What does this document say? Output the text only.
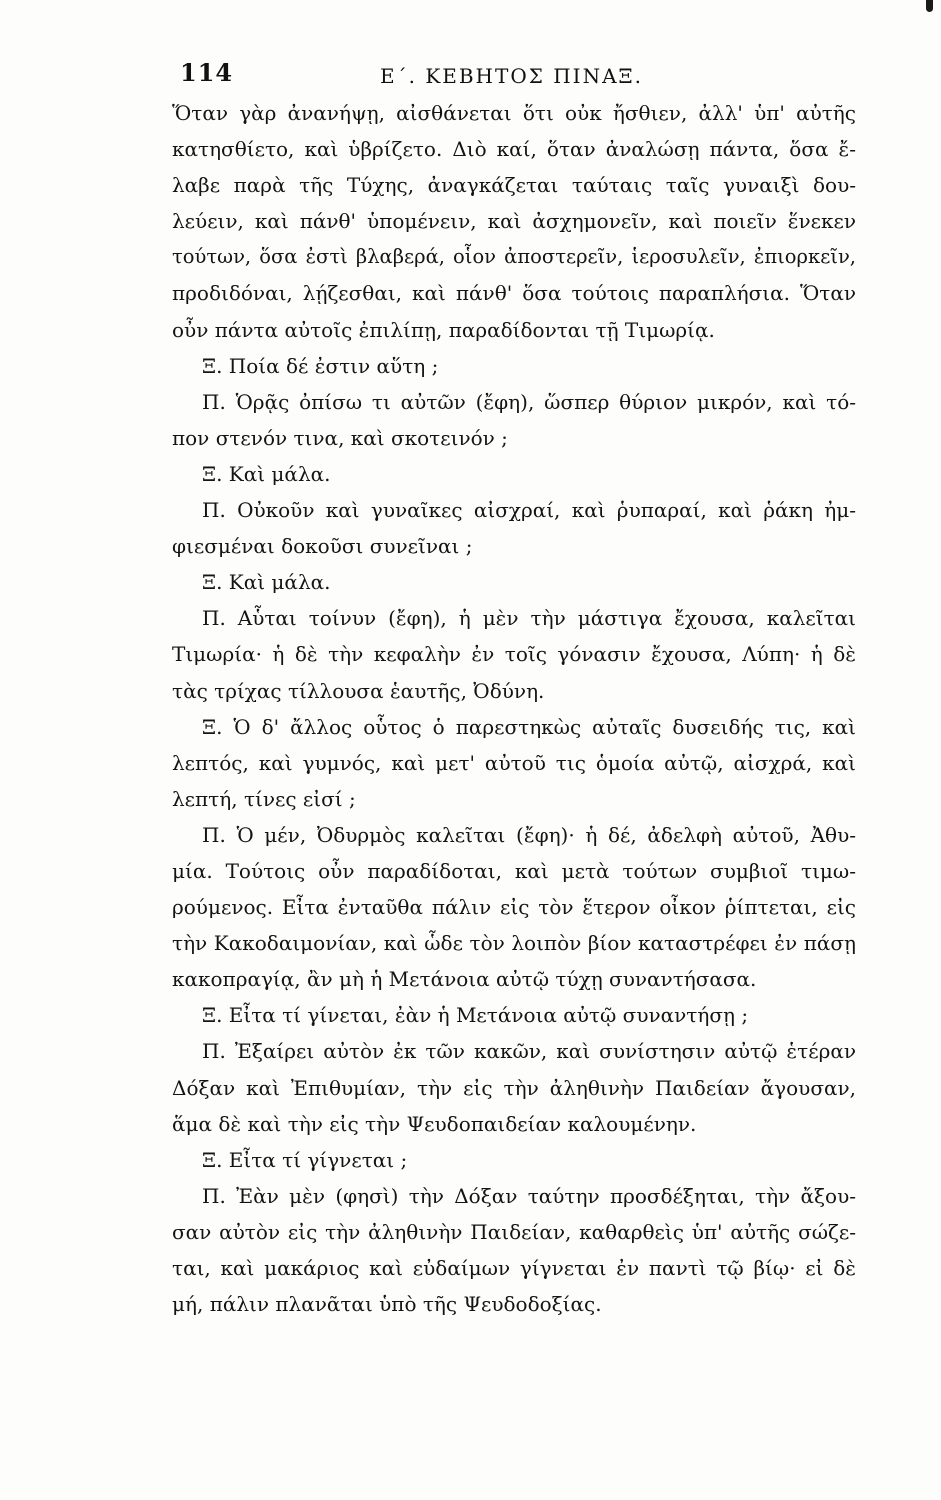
114	Ε΄. ΚΕΒΗΤΟΣ ΠΙΝΑΞ.
Ὅταν γὰρ ἀνανήψῃ, αἰσθάνεται ὅτι οὐκ ἤσθιεν, ἀλλ' ὑπ' αὐτῆς
κατησθίετο, καὶ ὑβρίζετο. Διὸ καί, ὅταν ἀναλώσῃ πάντα, ὅσα ἔ-
λαβε παρὰ τῆς Τύχης, ἀναγκάζεται ταύταις ταῖς γυναιξὶ δου-
λεύειν, καὶ πάνθ' ὑπομένειν, καὶ ἀσχημονεῖν, καὶ ποιεῖν ἕνεκεν
τούτων, ὅσα ἐστὶ βλαβερά, οἷον ἀποστερεῖν, ἱεροσυλεῖν, ἐπιορκεῖν,
προδιδόναι, λῄζεσθαι, καὶ πάνθ' ὅσα τούτοις παραπλήσια. Ὅταν
οὖν πάντα αὐτοῖς ἐπιλίπῃ, παραδίδονται τῇ Τιμωρίᾳ.
Ξ. Ποία δέ ἐστιν αὕτη ;
Π. Ὁρᾷς ὀπίσω τι αὐτῶν (ἔφη), ὥσπερ θύριον μικρόν, καὶ τό-
πον στενόν τινα, καὶ σκοτεινόν ;
Ξ. Καὶ μάλα.
Π. Οὐκοῦν καὶ γυναῖκες αἰσχραί, καὶ ῥυπαραί, καὶ ῥάκη ἠμ-
φιεσμέναι δοκοῦσι συνεῖναι ;
Ξ. Καὶ μάλα.
Π. Αὗται τοίνυν (ἔφη), ἡ μὲν τὴν μάστιγα ἔχουσα, καλεῖται
Τιμωρία· ἡ δὲ τὴν κεφαλὴν ἐν τοῖς γόνασιν ἔχουσα, Λύπη· ἡ δὲ
τὰς τρίχας τίλλουσα ἑαυτῆς, Ὀδύνη.
Ξ. Ὁ δ' ἄλλος οὗτος ὁ παρεστηκὼς αὐταῖς δυσειδής τις, καὶ
λεπτός, καὶ γυμνός, καὶ μετ' αὐτοῦ τις ὁμοία αὐτῷ, αἰσχρά, καὶ
λεπτή, τίνες εἰσί ;
Π. Ὁ μέν, Ὀδυρμὸς καλεῖται (ἔφη)· ἡ δέ, ἀδελφὴ αὐτοῦ, Ἀθυ-
μία. Τούτοις οὖν παραδίδοται, καὶ μετὰ τούτων συμβιοῖ τιμω-
ρούμενος. Εἶτα ἐνταῦθα πάλιν εἰς τὸν ἕτερον οἶκον ῥίπτεται, εἰς
τὴν Κακοδαιμονίαν, καὶ ὧδε τὸν λοιπὸν βίον καταστρέφει ἐν πάσῃ
κακοπραγίᾳ, ἂν μὴ ἡ Μετάνοια αὐτῷ τύχῃ συναντήσασα.
Ξ. Εἶτα τί γίνεται, ἐὰν ἡ Μετάνοια αὐτῷ συναντήσῃ ;
Π. Ἐξαίρει αὐτὸν ἐκ τῶν κακῶν, καὶ συνίστησιν αὐτῷ ἑτέραν
Δόξαν καὶ Ἐπιθυμίαν, τὴν εἰς τὴν ἀληθινὴν Παιδείαν ἄγουσαν,
ἅμα δὲ καὶ τὴν εἰς τὴν Ψευδοπαιδείαν καλουμένην.
Ξ. Εἶτα τί γίγνεται ;
Π. Ἐὰν μὲν (φησὶ) τὴν Δόξαν ταύτην προσδέξηται, τὴν ἄξου-
σαν αὐτὸν εἰς τὴν ἀληθινὴν Παιδείαν, καθαρθεὶς ὑπ' αὐτῆς σώζε-
ται, καὶ μακάριος καὶ εὐδαίμων γίγνεται ἐν παντὶ τῷ βίῳ· εἰ δὲ
μή, πάλιν πλανᾶται ὑπὸ τῆς Ψευδοδοξίας.
